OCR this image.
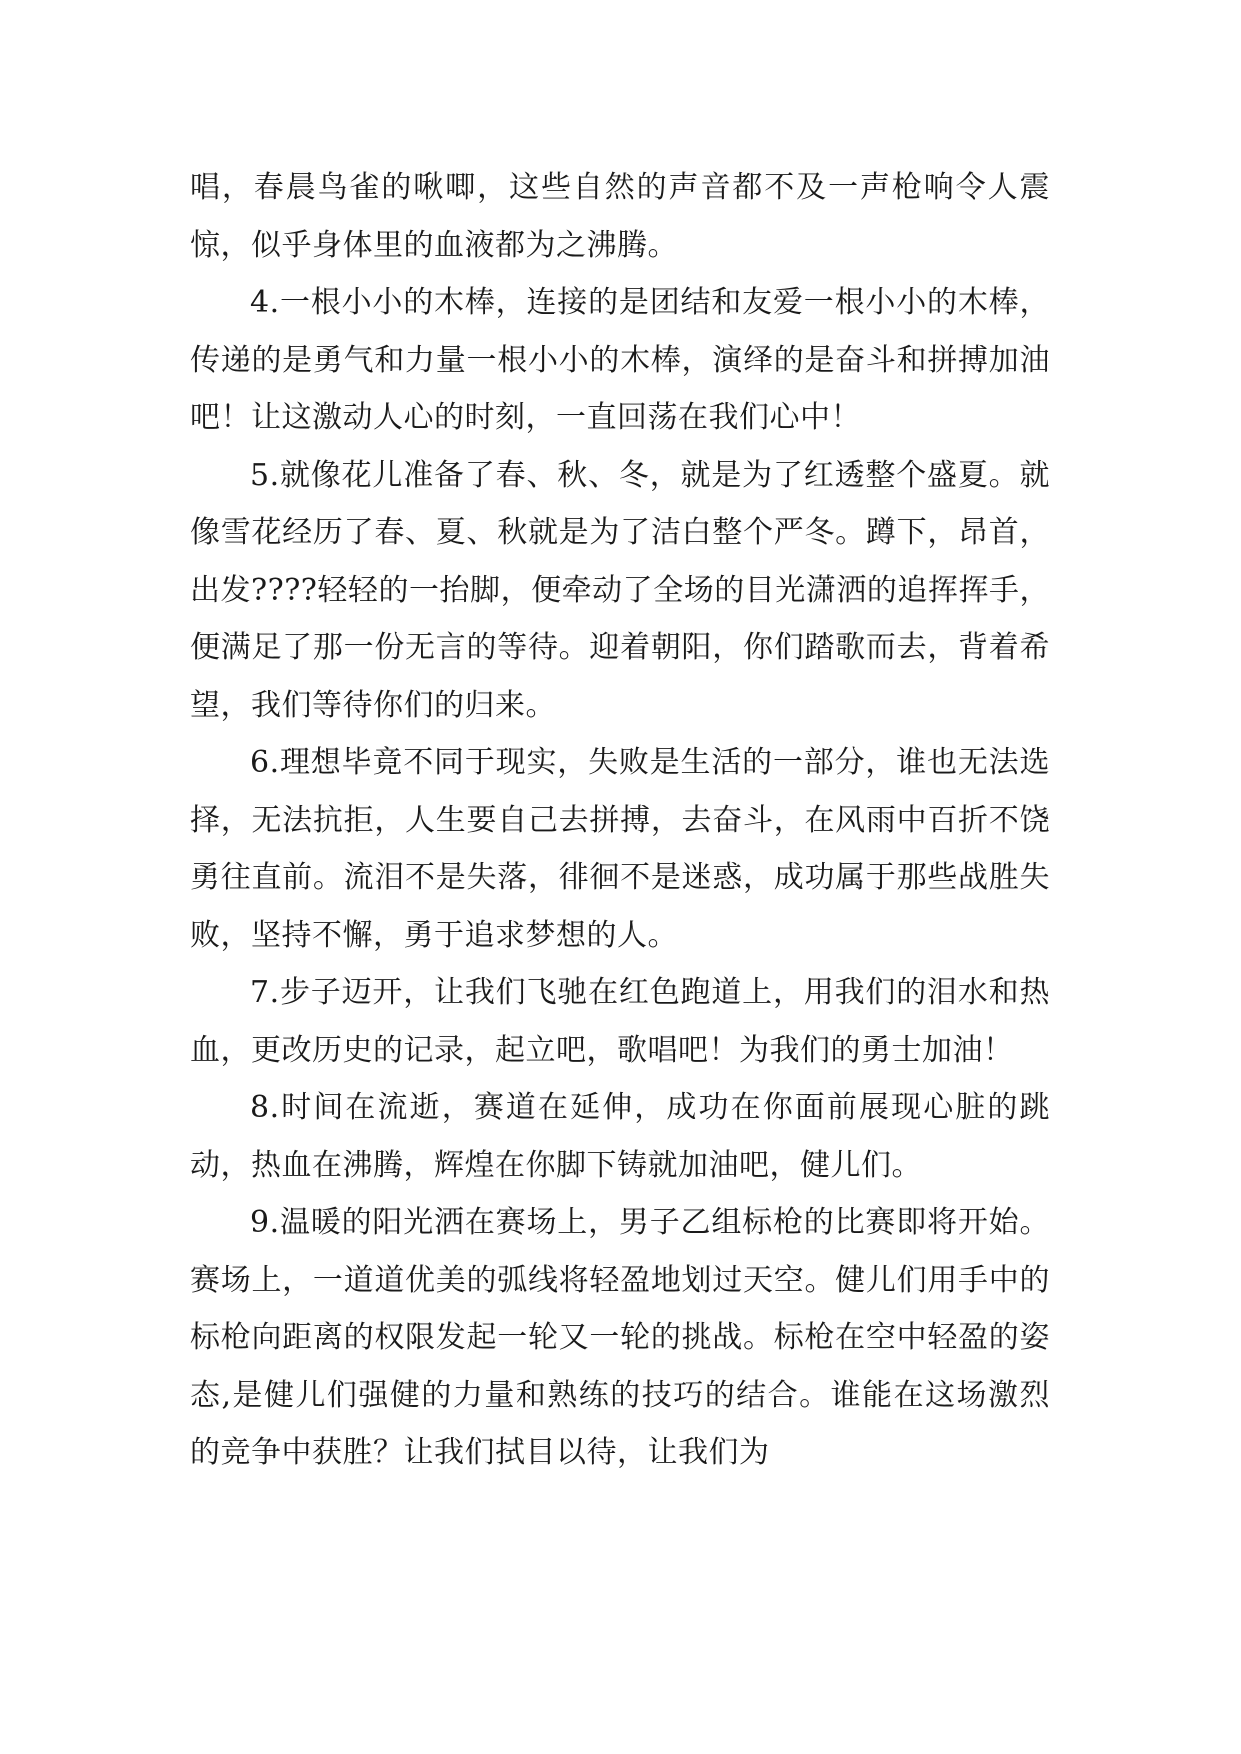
唱，春晨鸟雀的啾唧，这些自然的声音都不及一声枪响令人震惊，似乎身体里的血液都为之沸腾。

4.一根小小的木棒，连接的是团结和友爱一根小小的木棒，传递的是勇气和力量一根小小的木棒，演绎的是奋斗和拼搏加油吧！让这激动人心的时刻，一直回荡在我们心中！

5.就像花儿准备了春、秋、冬，就是为了红透整个盛夏。就像雪花经历了春、夏、秋就是为了洁白整个严冬。蹲下，昂首，出发????轻轻的一抬脚，便牵动了全场的目光潇洒的追挥挥手，便满足了那一份无言的等待。迎着朝阳，你们踏歌而去，背着希望，我们等待你们的归来。

6.理想毕竟不同于现实，失败是生活的一部分，谁也无法选择，无法抗拒，人生要自己去拼搏，去奋斗，在风雨中百折不饶勇往直前。流泪不是失落，徘徊不是迷惑，成功属于那些战胜失败，坚持不懈，勇于追求梦想的人。

7.步子迈开，让我们飞驰在红色跑道上，用我们的泪水和热血，更改历史的记录，起立吧，歌唱吧！为我们的勇士加油！

8.时间在流逝，赛道在延伸，成功在你面前展现心脏的跳动，热血在沸腾，辉煌在你脚下铸就加油吧，健儿们。

9.温暖的阳光洒在赛场上，男子乙组标枪的比赛即将开始。赛场上，一道道优美的弧线将轻盈地划过天空。健儿们用手中的标枪向距离的权限发起一轮又一轮的挑战。标枪在空中轻盈的姿态,是健儿们强健的力量和熟练的技巧的结合。谁能在这场激烈的竞争中获胜？让我们拭目以待，让我们为
